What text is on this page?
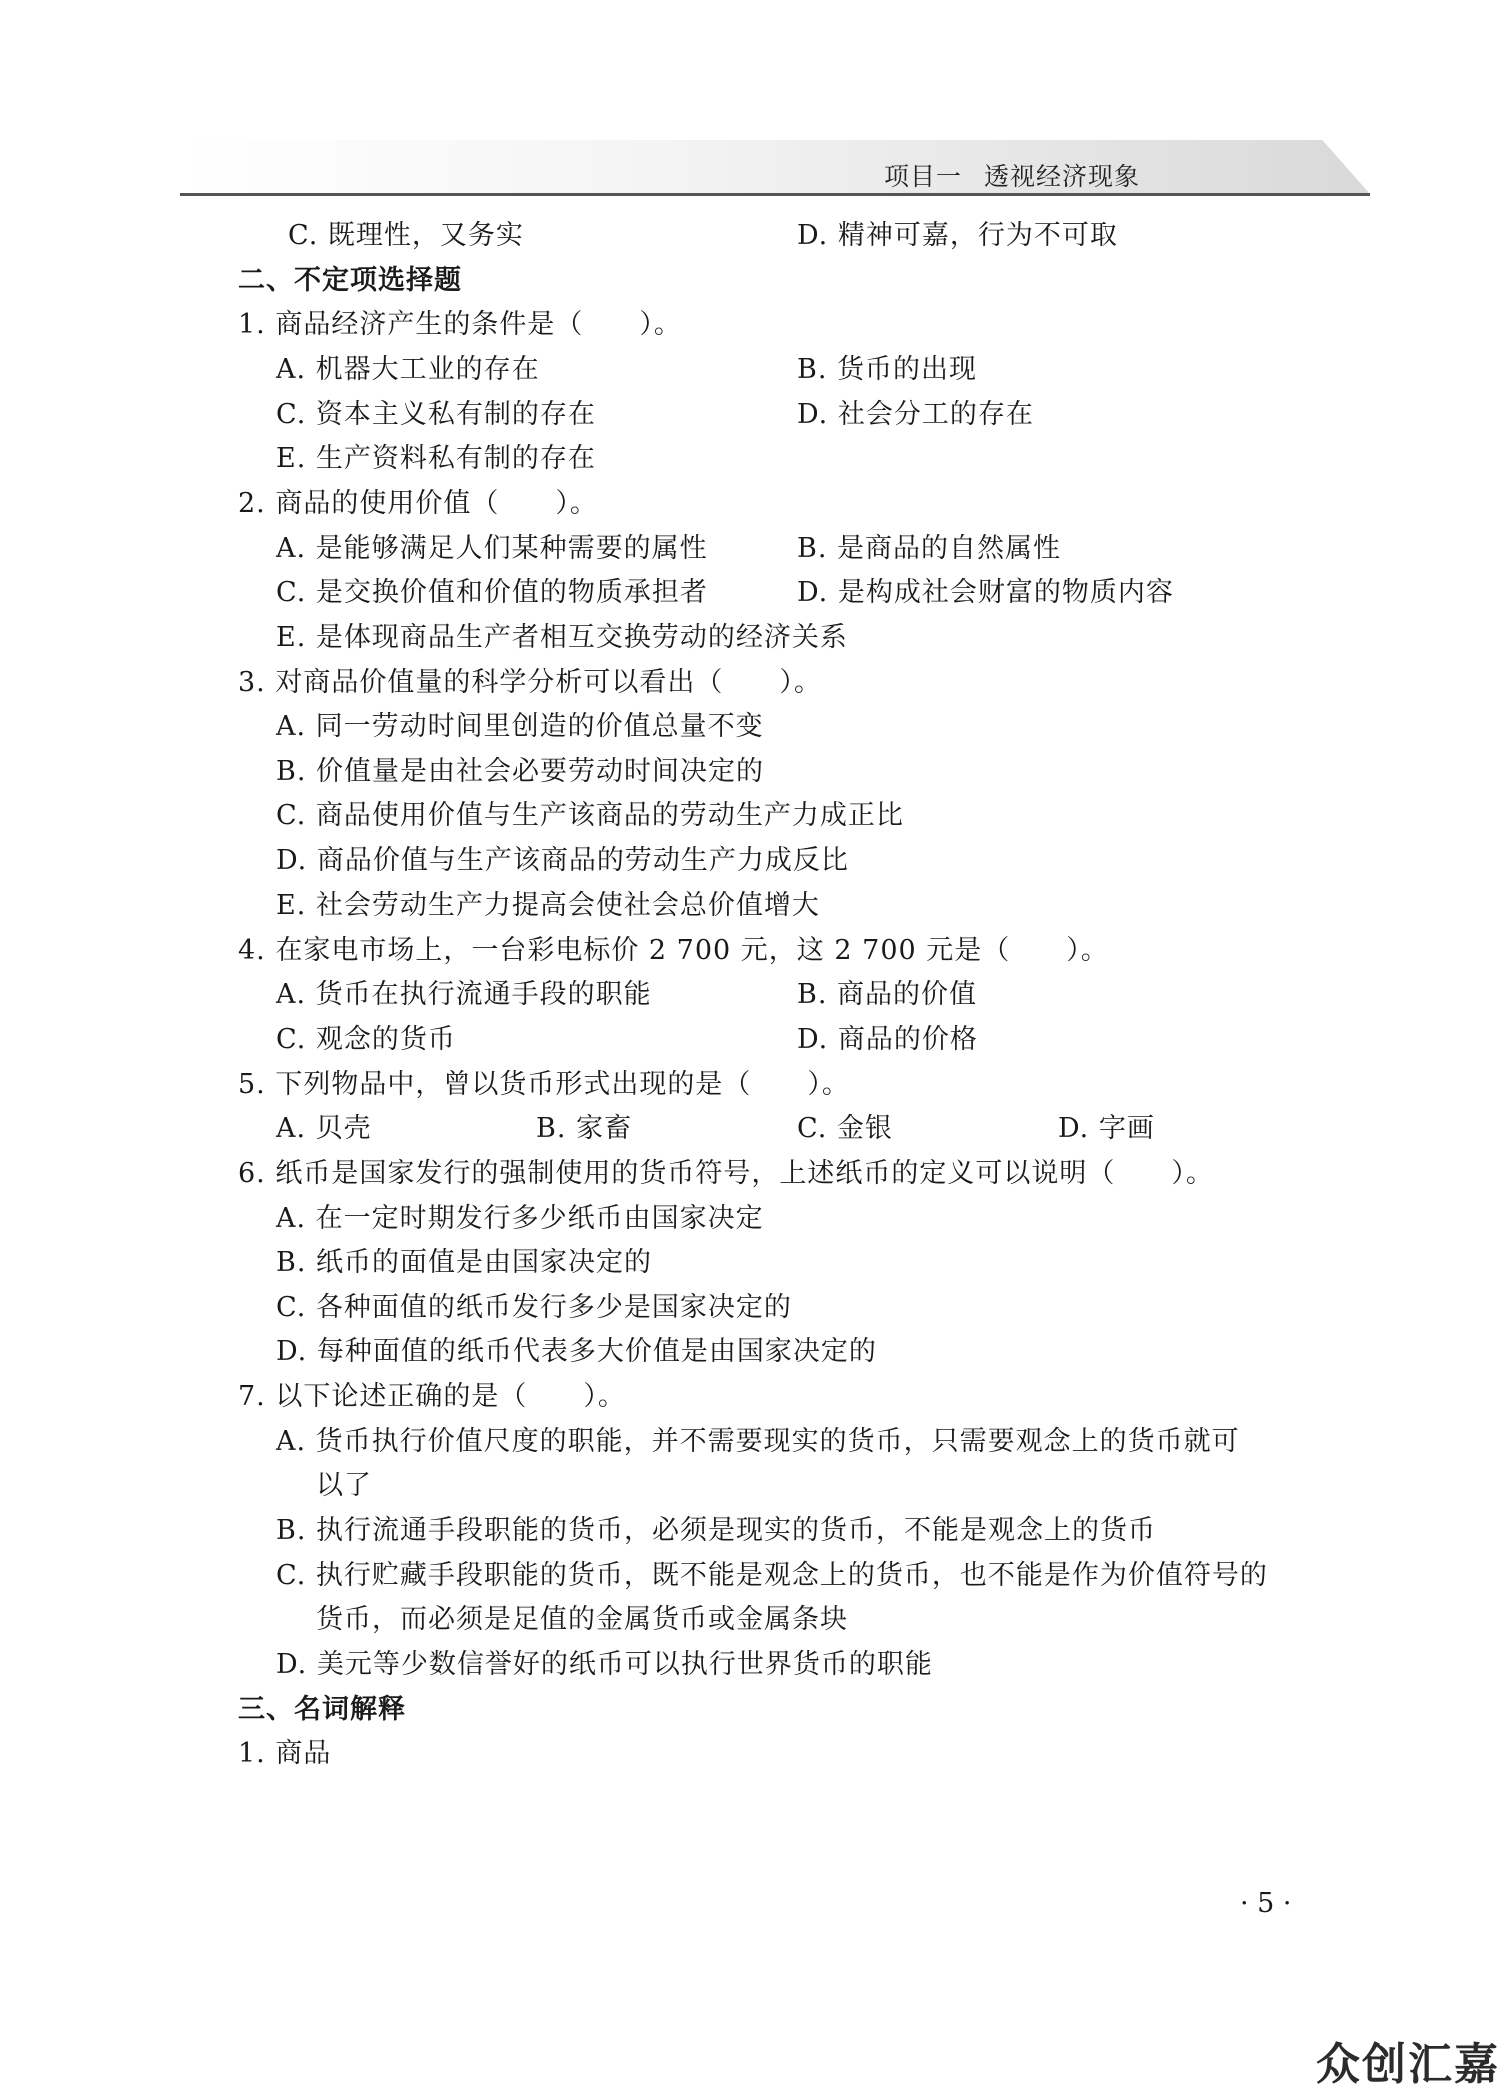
项目一 透视经济现象
C. 既理性，又务实	D. 精神可嘉，行为不可取
二、不定项选择题
1. 商品经济产生的条件是（　　）。
A. 机器大工业的存在	B. 货币的出现
C. 资本主义私有制的存在	D. 社会分工的存在
E. 生产资料私有制的存在
2. 商品的使用价值（　　）。
A. 是能够满足人们某种需要的属性	B. 是商品的自然属性
C. 是交换价值和价值的物质承担者	D. 是构成社会财富的物质内容
E. 是体现商品生产者相互交换劳动的经济关系
3. 对商品价值量的科学分析可以看出（　　）。
A. 同一劳动时间里创造的价值总量不变
B. 价值量是由社会必要劳动时间决定的
C. 商品使用价值与生产该商品的劳动生产力成正比
D. 商品价值与生产该商品的劳动生产力成反比
E. 社会劳动生产力提高会使社会总价值增大
4. 在家电市场上，一台彩电标价 2 700 元，这 2 700 元是（　　）。
A. 货币在执行流通手段的职能	B. 商品的价值
C. 观念的货币	D. 商品的价格
5. 下列物品中，曾以货币形式出现的是（　　）。
A. 贝壳	B. 家畜	C. 金银	D. 字画
6. 纸币是国家发行的强制使用的货币符号，上述纸币的定义可以说明（　　）。
A. 在一定时期发行多少纸币由国家决定
B. 纸币的面值是由国家决定的
C. 各种面值的纸币发行多少是国家决定的
D. 每种面值的纸币代表多大价值是由国家决定的
7. 以下论述正确的是（　　）。
A. 货币执行价值尺度的职能，并不需要现实的货币，只需要观念上的货币就可
以了
B. 执行流通手段职能的货币，必须是现实的货币，不能是观念上的货币
C. 执行贮藏手段职能的货币，既不能是观念上的货币，也不能是作为价值符号的
货币，而必须是足值的金属货币或金属条块
D. 美元等少数信誉好的纸币可以执行世界货币的职能
三、名词解释
1. 商品
· 5 ·
众创汇嘉
